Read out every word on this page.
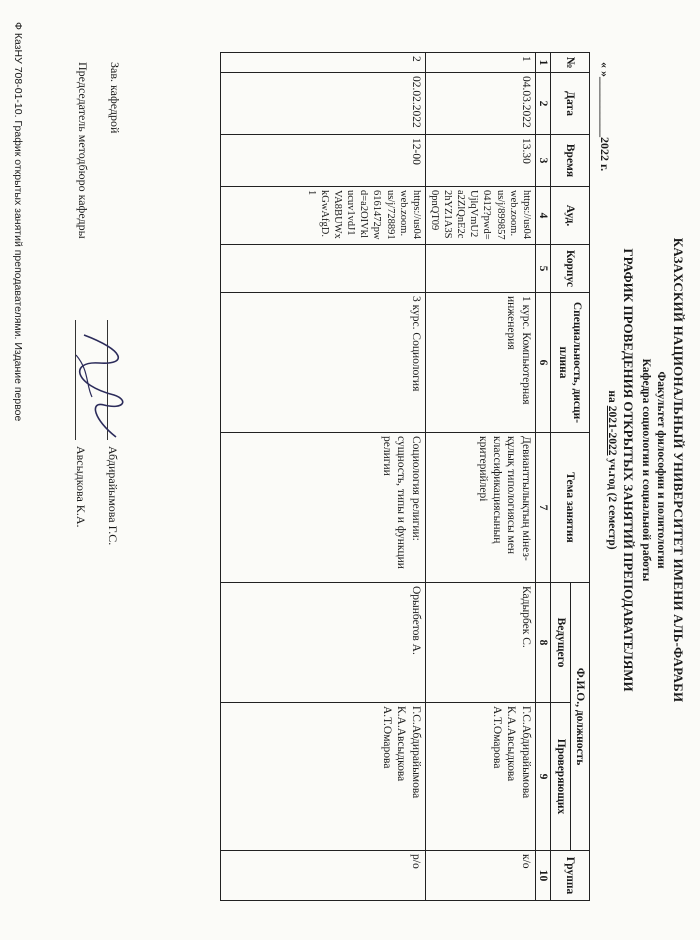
КАЗАХСКИЙ НАЦИОНАЛЬНЫЙ УНИВЕРСИТЕТ ИМЕНИ АЛЬ-ФАРАБИ
Факультет философии и политологии
Кафедра социологии и социальной работы
ГРАФИК ПРОВЕДЕНИЯ ОТКРЫТЫХ ЗАНЯТИЙ ПРЕПОДАВАТЕЛЯМИ
на 2021-2022 уч.год (2 семестр)
« »__________2022 г.
№	Дата	Время	Ауд.	Корпус	Специальность, дисци-плина	Тема занятия	Ф.И.О., должность		Группа
							Ведущего	Проверяющих	
1	2	3	4	5	6	7	8	9	10
1	04.03.2022	13.30	https://us04web.zoom.us/j/8998570412?pwd=UjlqVmU2a2ZlQnE2c2hYZ1A3S0pnQT09		1 курс. Компьютерная инженерия	Девианттылықтың мінез-құлық типологиясы мен классификациясының критерийлері	Кадырбек С.	Г.С.Абдирайымова
К.А.Авсыдкова
А.Т.Омарова	к/о
2	02.02.2022	12-00	https://us04web.zoom.us/j/7288916161472pwd=a2OIVklucuv1vdJ1VA8BUWxkGwAfgD.1		3 курс. Социология	Социология религии: сущность, типы и функции религии	Орынбетов А.	Г.С.Абдирайымова
К.А.Авсыдкова
А.Т.Омарова	р/о
Зав. кафедрой
Абдирайымова Г.С.
Председатель методбюро кафедры
Авсыдкова К.А.
Ф КазНУ 708-01-10. График открытых занятий преподавателями. Издание первое
